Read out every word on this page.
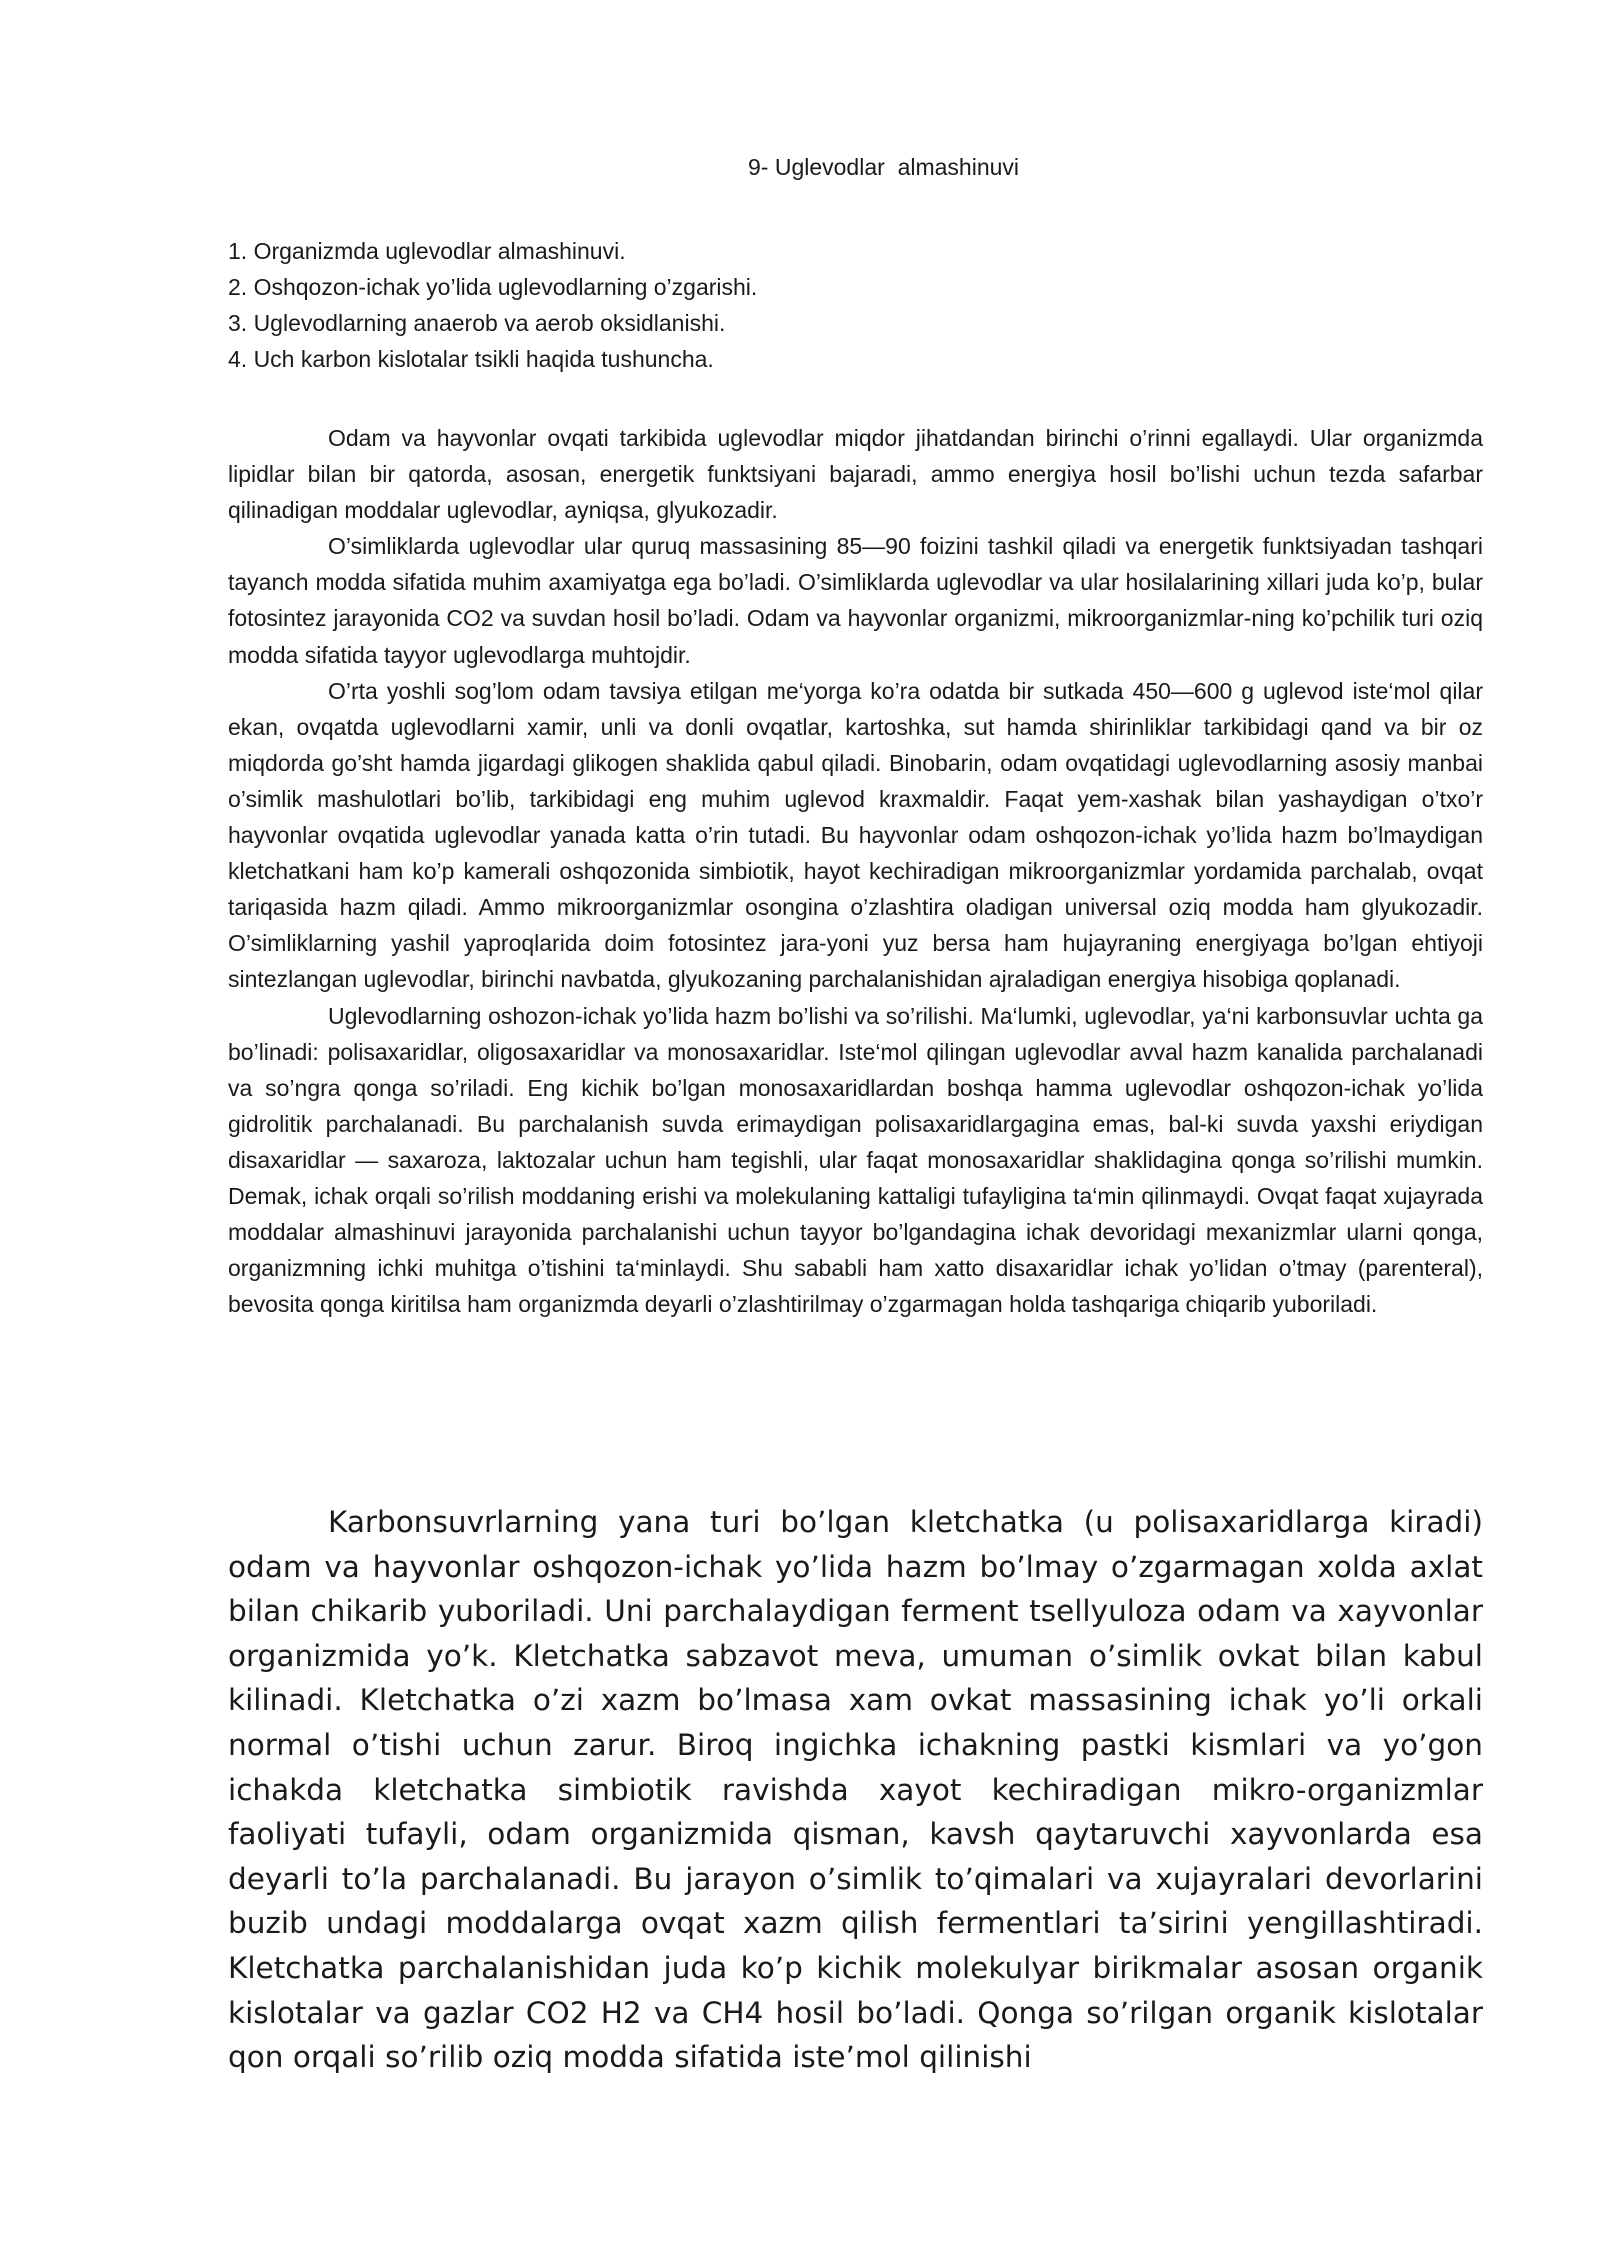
9- Uglevodlar  almashinuvi
1. Organizmda uglevodlar almashinuvi.
2. Oshqozon-ichak yo’lida uglevodlarning o’zgarishi.
3. Uglevodlarning anaerob va aerob oksidlanishi.
4. Uch karbon kislotalar tsikli haqida tushuncha.

Odam va hayvonlar ovqati tarkibida uglevodlar miqdor jihatdandan birinchi o’rinni egallaydi. Ular organizmda lipidlar bilan bir qatorda, asosan, energetik funktsiyani bajaradi, ammo energiya hosil bo’lishi uchun tezda safarbar qilinadigan moddalar uglevodlar, ayniqsa, glyukozadir.

O’simliklarda uglevodlar ular quruq massasining 85—90 foizini tashkil qiladi va energetik funktsiyadan tashqari tayanch modda sifatida muhim axamiyatga ega bo’ladi. O’simliklarda uglevodlar va ular hosilalarining xillari juda ko’p, bular fotosintez jarayonida CO2 va suvdan hosil bo’ladi. Odam va hayvonlar organizmi, mikroorganizmlar-ning ko’pchilik turi oziq modda sifatida tayyor uglevodlarga muhtojdir.

O’rta yoshli sog’lom odam tavsiya etilgan me‘yorga ko’ra odatda bir sutkada 450—600 g uglevod iste‘mol qilar ekan, ovqatda uglevodlarni xamir, unli va donli ovqatlar, kartoshka, sut hamda shirinliklar tarkibidagi qand va bir oz miqdorda go’sht hamda jigardagi glikogen shaklida qabul qiladi. Binobarin, odam ovqatidagi uglevodlarning asosiy manbai o’simlik mashulotlari bo’lib, tarkibidagi eng muhim uglevod kraxmaldir. Faqat yem-xashak bilan yashaydigan o’txo’r hayvonlar ovqatida uglevodlar yanada katta o’rin tutadi. Bu hayvonlar odam oshqozon-ichak yo’lida hazm bo’lmaydigan kletchatkani ham ko’p kamerali oshqozonida simbiotik, hayot kechiradigan mikroorganizmlar yordamida parchalab, ovqat tariqasida hazm qiladi. Ammo mikroorganizmlar osongina o’zlashtira oladigan universal oziq modda ham glyukozadir. O’simliklarning yashil yaproqlarida doim fotosintez jara-yoni yuz bersa ham hujayraning energiyaga bo’lgan ehtiyoji sintezlangan uglevodlar, birinchi navbatda, glyukozaning parchalanishidan ajraladigan energiya hisobiga qoplanadi.

Uglevodlarning oshozon-ichak yo’lida hazm bo’lishi va so’rilishi. Ma‘lumki, uglevodlar, ya‘ni karbonsuvlar uchta ga bo’linadi: polisaxaridlar, oligosaxaridlar va monosaxaridlar. Iste‘mol qilingan uglevodlar avval hazm kanalida parchalanadi va so’ngra qonga so’riladi. Eng kichik bo’lgan monosaxaridlardan boshqa hamma uglevodlar oshqozon-ichak yo’lida gidrolitik parchalanadi. Bu parchalanish suvda erimaydigan polisaxaridlargagina emas, bal-ki suvda yaxshi eriydigan disaxaridlar — saxaroza, laktozalar uchun ham tegishli, ular faqat monosaxaridlar shaklidagina qonga so’rilishi mumkin. Demak, ichak orqali so’rilish moddaning erishi va molekulaning kattaligi tufayligina ta‘min qilinmaydi. Ovqat faqat xujayrada moddalar almashinuvi jarayonida parchalanishi uchun tayyor bo’lgandagina ichak devoridagi mexanizmlar ularni qonga, organizmning ichki muhitga o’tishini ta‘minlaydi. Shu sababli ham xatto disaxaridlar ichak yo’lidan o’tmay (parenteral), bevosita qonga kiritilsa ham organizmda deyarli o’zlashtirilmay o’zgarmagan holda tashqariga chiqarib yuboriladi.

Karbonsuvrlarning yana turi bo’lgan kletchatka (u polisaxaridlarga kiradi) odam va hayvonlar oshqozon-ichak yo’lida hazm bo’lmay o’zgarmagan xolda axlat bilan chikarib yuboriladi. Uni parchalaydigan ferment tsellyuloza odam va xayvonlar organizmida yo’k. Kletchatka sabzavot meva, umuman o’simlik ovkat bilan kabul kilinadi. Kletchatka o’zi xazm bo’lmasa xam ovkat massasining ichak yo’li orkali normal o’tishi uchun zarur. Biroq ingichka ichakning pastki kismlari va yo’gon ichakda kletchatka simbiotik ravishda xayot kechiradigan mikro-organizmlar faoliyati tufayli, odam organizmida qisman, kavsh qaytaruvchi xayvonlarda esa deyarli to’la parchalanadi. Bu jarayon o’simlik to’qimalari va xujayralari devorlarini buzib undagi moddalarga ovqat xazm qilish fermentlari ta’sirini yengillashtiradi. Kletchatka parchalanishidan juda ko’p kichik molekulyar birikmalar asosan organik kislotalar va gazlar CO2 H2 va CH4 hosil bo’ladi. Qonga so’rilgan organik kislotalar qon orqali so’rilib oziq modda sifatida iste’mol qilinishi
